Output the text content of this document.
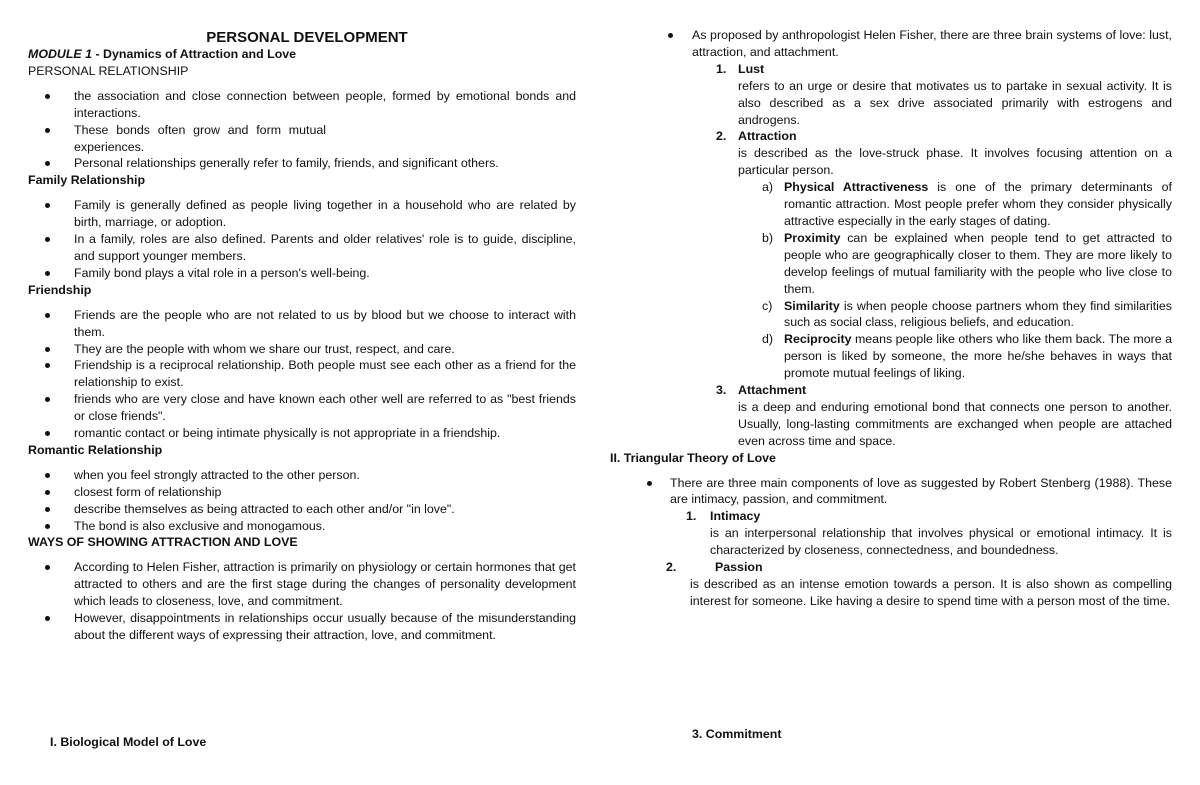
PERSONAL DEVELOPMENT
MODULE 1 - Dynamics of Attraction and Love
PERSONAL RELATIONSHIP
the association and close connection between people, formed by emotional bonds and interactions.
These bonds often grow and form mutual experiences.
Personal relationships generally refer to family, friends, and significant others.
Family Relationship
Family is generally defined as people living together in a household who are related by birth, marriage, or adoption.
In a family, roles are also defined. Parents and older relatives' role is to guide, discipline, and support younger members.
Family bond plays a vital role in a person's well-being.
Friendship
Friends are the people who are not related to us by blood but we choose to interact with them.
They are the people with whom we share our trust, respect, and care.
Friendship is a reciprocal relationship. Both people must see each other as a friend for the relationship to exist.
friends who are very close and have known each other well are referred to as "best friends or close friends".
romantic contact or being intimate physically is not appropriate in a friendship.
Romantic Relationship
when you feel strongly attracted to the other person.
closest form of relationship
describe themselves as being attracted to each other and/or "in love".
The bond is also exclusive and monogamous.
WAYS OF SHOWING ATTRACTION AND LOVE
According to Helen Fisher, attraction is primarily on physiology or certain hormones that get attracted to others and are the first stage during the changes of personality development which leads to closeness, love, and commitment.
However, disappointments in relationships occur usually because of the misunderstanding about the different ways of expressing their attraction, love, and commitment.
I. Biological Model of Love
As proposed by anthropologist Helen Fisher, there are three brain systems of love: lust, attraction, and attachment.
1. Lust
refers to an urge or desire that motivates us to partake in sexual activity. It is also described as a sex drive associated primarily with estrogens and androgens.
2. Attraction
is described as the love-struck phase. It involves focusing attention on a particular person.
a) Physical Attractiveness is one of the primary determinants of romantic attraction. Most people prefer whom they consider physically attractive especially in the early stages of dating.
b) Proximity can be explained when people tend to get attracted to people who are geographically closer to them. They are more likely to develop feelings of mutual familiarity with the people who live close to them.
c) Similarity is when people choose partners whom they find similarities such as social class, religious beliefs, and education.
d) Reciprocity means people like others who like them back. The more a person is liked by someone, the more he/she behaves in ways that promote mutual feelings of liking.
3. Attachment
is a deep and enduring emotional bond that connects one person to another. Usually, long-lasting commitments are exchanged when people are attached even across time and space.
II. Triangular Theory of Love
There are three main components of love as suggested by Robert Stenberg (1988). These are intimacy, passion, and commitment.
1. Intimacy
is an interpersonal relationship that involves physical or emotional intimacy. It is characterized by closeness, connectedness, and boundedness.
2.	Passion
is described as an intense emotion towards a person. It is also shown as compelling interest for someone. Like having a desire to spend time with a person most of the time.
3. Commitment
